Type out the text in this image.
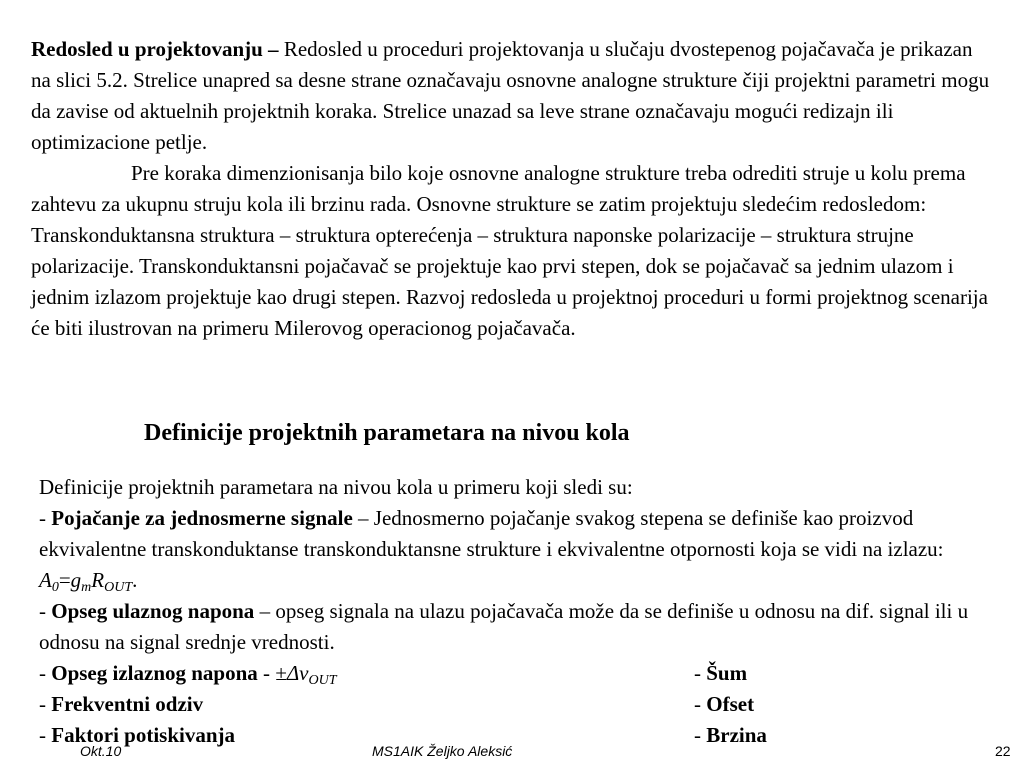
Redosled u projektovanju – Redosled u proceduri projektovanja u slučaju dvostepenog pojačavača je prikazan na slici 5.2. Strelice unapred sa desne strane označavaju osnovne analogne strukture čiji projektni parametri mogu da zavise od aktuelnih projektnih koraka. Strelice unazad sa leve strane označavaju mogući redizajn ili optimizacione petlje.
Pre koraka dimenzionisanja bilo koje osnovne analogne strukture treba odrediti struje u kolu prema zahtevu za ukupnu struju kola ili brzinu rada. Osnovne strukture se zatim projektuju sledećim redosledom: Transkonduktansna struktura – struktura opterećenja – struktura naponske polarizacije – struktura strujne polarizacije. Transkonduktansni pojačavač se projektuje kao prvi stepen, dok se pojačavač sa jednim ulazom i jednim izlazom projektuje kao drugi stepen. Razvoj redosleda u projektnoj proceduri u formi projektnog scenarija će biti ilustrovan na primeru Milerovog operacionog pojačavača.
Definicije projektnih parametara na nivou kola
Definicije projektnih parametara na nivou kola u primeru koji sledi su:
- Pojačanje za jednosmerne signale – Jednosmerno pojačanje svakog stepena se definiše kao proizvod ekvivalentne transkonduktanse transkonduktansne strukture i ekvivalentne otpornosti koja se vidi na izlazu: $A_0=g_mR_{OUT}$.
- Opseg ulaznog napona – opseg signala na ulazu pojačavača može da se definiše u odnosu na dif. signal ili u odnosu na signal srednje vrednosti.
- Opseg izlaznog napona - $\pm\Delta v_{OUT}$	- Šum
- Frekventni odziv	- Ofset
- Faktori potiskivanja	- Brzina
Okt.10	MS1AIK Željko Aleksić	22
